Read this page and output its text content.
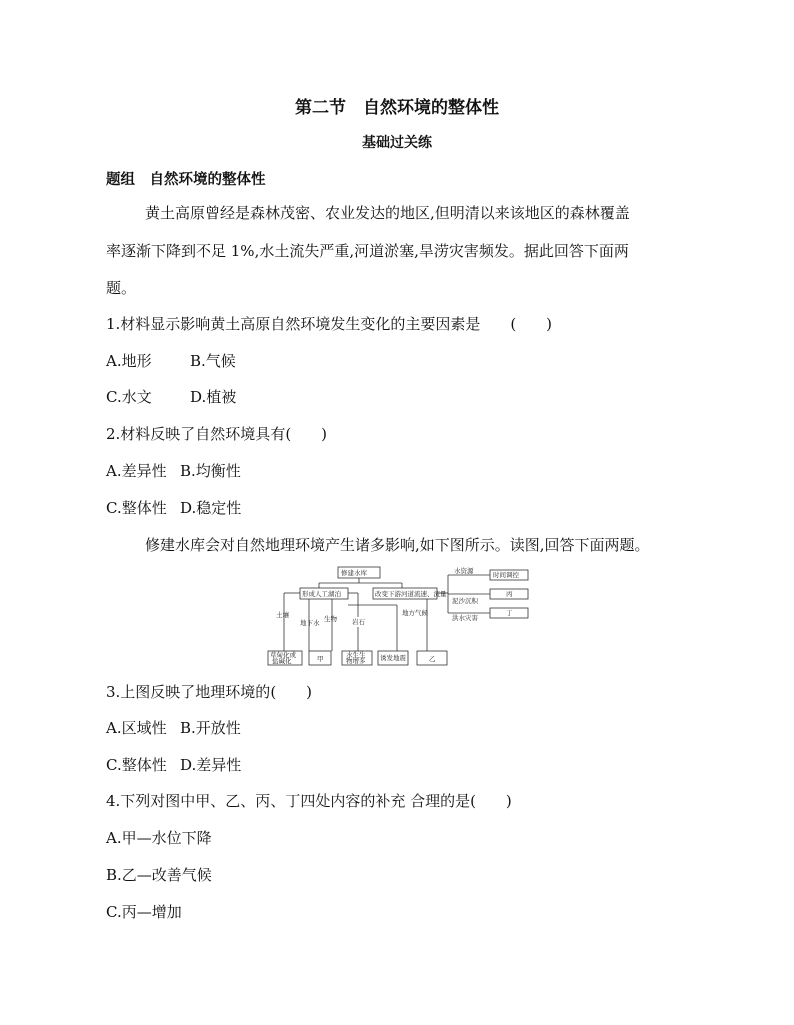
第二节　自然环境的整体性
基础过关练
题组　自然环境的整体性
黄土高原曾经是森林茂密、农业发达的地区,但明清以来该地区的森林覆盖
率逐渐下降到不足 1%,水土流失严重,河道淤塞,旱涝灾害频发。据此回答下面两
题。
1.材料显示影响黄土高原自然环境发生变化的主要因素是　　(　　)
A.地形	B.气候
C.水文	D.植被
2.材料反映了自然环境具有(　　)
A.差异性 B.均衡性
C.整体性 D.稳定性
修建水库会对自然地理环境产生诸多影响,如下图所示。读图,回答下面两题。
修建水库
形成人工湖泊	改变下游河道流速、流量
水资源	时间调控
泥沙沉积
丙
洪水灾害
丁
土壤
地下水 生物 岩石
地方气候
草甸化或
盐碱化	甲	水生生
物增多 诱发地震	乙
3.上图反映了地理环境的(　　)
A.区域性 B.开放性
C.整体性 D.差异性
4.下列对图中甲、乙、丙、丁四处内容的补充 合理的是(　　)
A.甲—水位下降
B.乙—改善气候
C.丙—增加
